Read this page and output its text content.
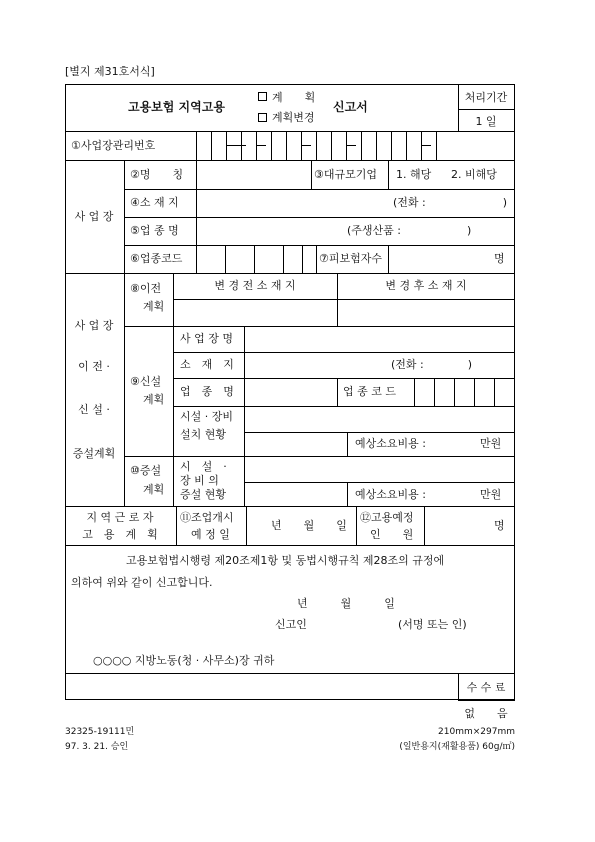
[별지 제31호서식]
고용보험 지역고용
계　　획
계획변경
신고서
처리기간
1 일
①사업장관리번호
사 업 장
②명　　칭	③대규모기업 1. 해당 2. 비해당
④소 재 지	(전화 :　　　　　　　)
⑤업 종 명	(주생산품 :　　　　　　)
⑥업종코드	⑦피보험자수	명
사 업 장
이 전 ·
신 설 ·
증설계획
⑧이전
계획
변 경 전 소 재 지	변 경 후 소 재 지
⑨신설
계획
사 업 장 명
소　재　지	(전화 :　　　　)
업　종　명	업 종 코 드
시설 · 장비
설치 현황
예상소요비용 :	만원
⑩증설
계획
시　설　·
장 비 의
증설 현황	예상소요비용 :	만원
지 역 근 로 자
고　용　계　획
⑪조업개시
예 정 일
년　　월　　일
⑫고용예정
인　　원
명
고용보험법시행령 제20조제1항 및 동법시행규칙 제28조의 규정에
의하여 위와 같이 신고합니다.
년　　　월　　　일
신고인	(서명 또는 인)
○○○○ 지방노동(청 · 사무소)장 귀하
수 수 료
없　　음
32325-19111민
97. 3. 21. 승인
210mm×297mm
(일반용지(재활용품) 60g/㎡)
